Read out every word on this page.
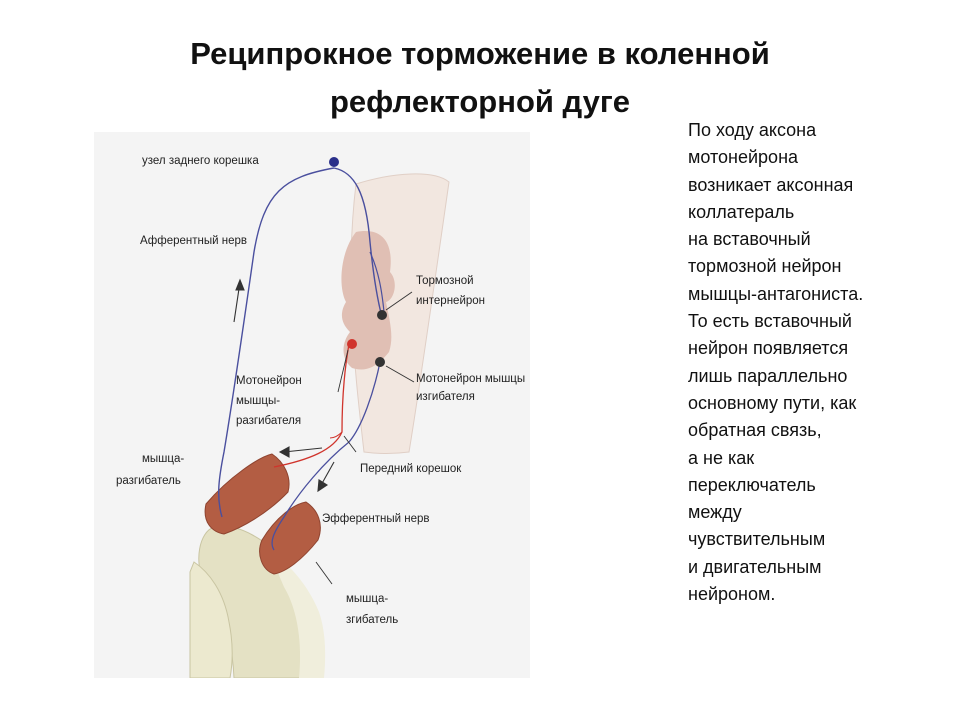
Реципрокное торможение в коленной
рефлекторной дуге
узел заднего корешка
Афферентный нерв
Тормозной
интернейрон
Мотонейрон
мышцы-
разгибателя
Мотонейрон мышцы
изгибателя
Передний корешок
Эфферентный нерв
мышца-
разгибатель
мышца-
згибатель
По ходу аксона
мотонейрона
возникает аксонная
коллатераль
на вставочный
тормозной нейрон
мышцы-антагониста.
То есть вставочный
нейрон появляется
лишь параллельно
основному пути, как
обратная связь,
а не как
переключатель
между
чувствительным
и двигательным
нейроном.
